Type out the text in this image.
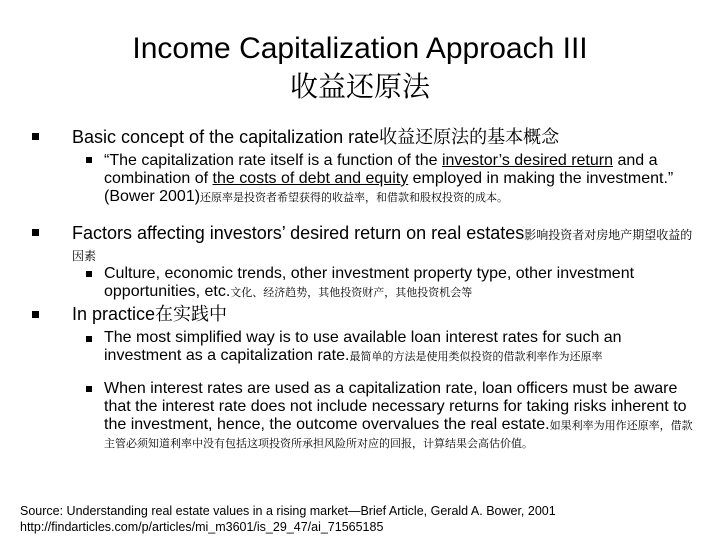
Income Capitalization Approach III
收益还原法
Basic concept of the capitalization rate收益还原法的基本概念
“The capitalization rate itself is a function of the investor’s desired return and a combination of the costs of debt and equity employed in making the investment.” (Bower 2001)还原率是投资者希望获得的收益率，和借款和股权投资的成本。
Factors affecting investors’ desired return on real estates影响投资者对房地产期望收益的因素
Culture, economic trends, other investment property type, other investment opportunities, etc.文化、经济趋势，其他投资财产，其他投资机会等
In practice在实践中
The most simplified way is to use available loan interest rates for such an investment as a capitalization rate.最简单的方法是使用类似投资的借款利率作为还原率
When interest rates are used as a capitalization rate, loan officers must be aware that the interest rate does not include necessary returns for taking risks inherent to the investment, hence, the outcome overvalues the real estate.如果利率为用作还原率，借款主管必须知道利率中没有包括这项投资所承担风险所对应的回报，计算结果会高估价值。
Source: Understanding real estate values in a rising market—Brief Article, Gerald A. Bower, 2001
http://findarticles.com/p/articles/mi_m3601/is_29_47/ai_71565185
